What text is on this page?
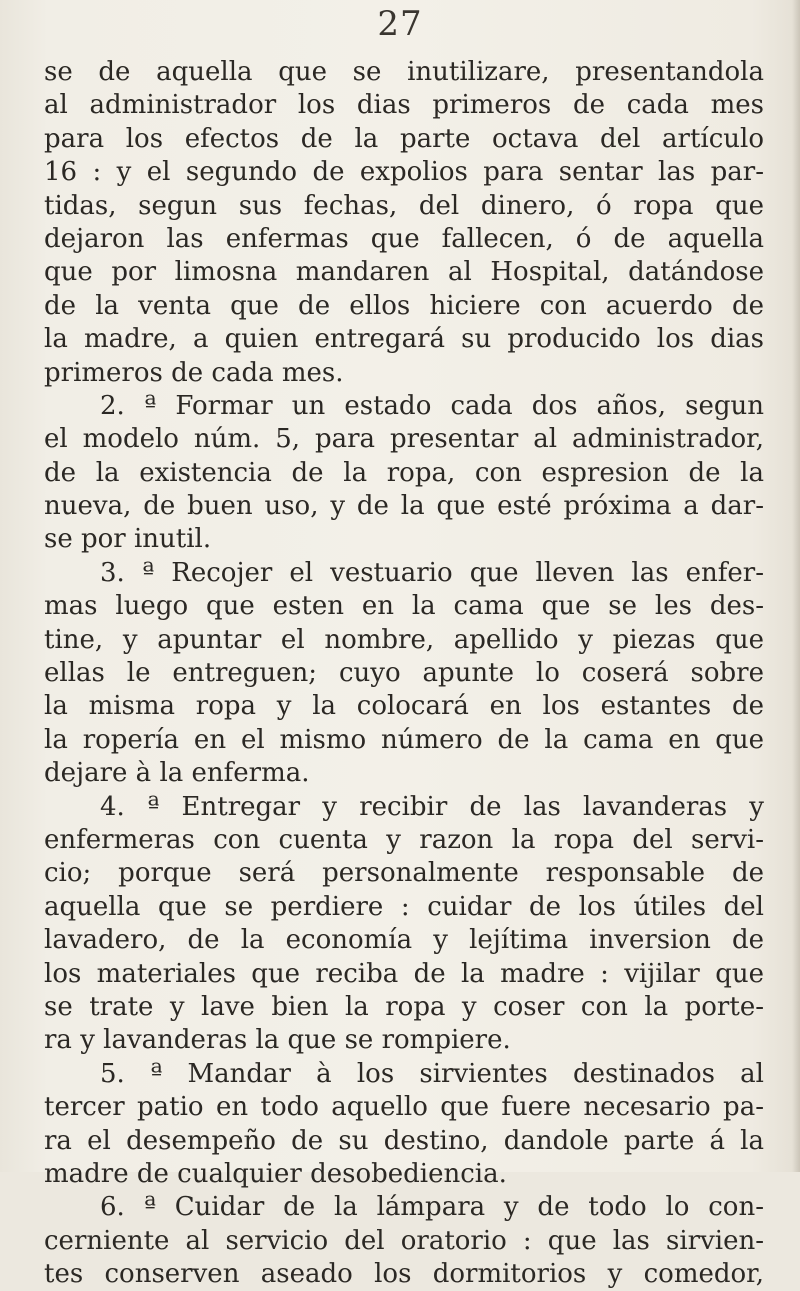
27
se de aquella que se inutilizare, presentandola
al administrador los dias primeros de cada mes
para los efectos de la parte octava del artículo
16 : y el segundo de expolios para sentar las par-
tidas, segun sus fechas, del dinero, ó ropa que
dejaron las enfermas que fallecen, ó de aquella
que por limosna mandaren al Hospital, datándose
de la venta que de ellos hiciere con acuerdo de
la madre, a quien entregará su producido los dias
primeros de cada mes.
2. ª Formar un estado cada dos años, segun
el modelo núm. 5, para presentar al administrador,
de la existencia de la ropa, con espresion de la
nueva, de buen uso, y de la que esté próxima a dar-
se por inutil.
3. ª Recojer el vestuario que lleven las enfer-
mas luego que esten en la cama que se les des-
tine, y apuntar el nombre, apellido y piezas que
ellas le entreguen; cuyo apunte lo coserá sobre
la misma ropa y la colocará en los estantes de
la ropería en el mismo número de la cama en que
dejare à la enferma.
4. ª Entregar y recibir de las lavanderas y
enfermeras con cuenta y razon la ropa del servi-
cio; porque será personalmente responsable de
aquella que se perdiere : cuidar de los útiles del
lavadero, de la economía y lejítima inversion de
los materiales que reciba de la madre : vijilar que
se trate y lave bien la ropa y coser con la porte-
ra y lavanderas la que se rompiere.
5. ª Mandar à los sirvientes destinados al
tercer patio en todo aquello que fuere necesario pa-
ra el desempeño de su destino, dandole parte á la
madre de cualquier desobediencia.
6. ª Cuidar de la lámpara y de todo lo con-
cerniente al servicio del oratorio : que las sirvien-
tes conserven aseado los dormitorios y comedor,
